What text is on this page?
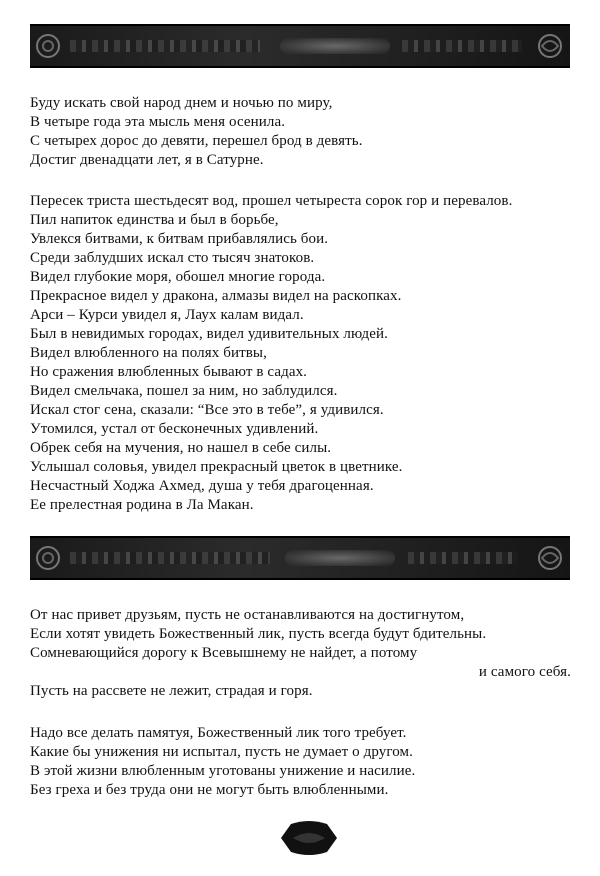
Буду искать свой народ днем и ночью по миру,
В четыре года эта мысль меня осенила.
С четырех дорос до девяти, перешел брод в девять.
Достиг двенадцати лет, я в Сатурне.
Пересек триста шестьдесят вод, прошел четыреста сорок гор и перевалов.
Пил напиток единства и был в борьбе,
Увлекся битвами, к битвам прибавлялись бои.
Среди заблудших искал сто тысяч знатоков.
Видел глубокие моря, обошел многие города.
Прекрасное видел у дракона, алмазы видел на раскопках.
Арси – Курси увидел я, Лаух калам видал.
Был в невидимых городах, видел удивительных людей.
Видел влюбленного на полях битвы,
Но сражения влюбленных бывают в садах.
Видел смельчака, пошел за ним, но заблудился.
Искал стог сена, сказали: “Все это в тебе”, я удивился.
Утомился, устал от бесконечных удивлений.
Обрек себя на мучения, но нашел в себе силы.
Услышал соловья, увидел прекрасный цветок в цветнике.
Несчастный Ходжа Ахмед, душа у тебя драгоценная.
Ее прелестная родина в Ла Макан.
От нас привет друзьям, пусть не останавливаются на достигнутом,
Если хотят увидеть Божественный лик, пусть всегда будут бдительны.
Сомневающийся дорогу к Всевышнему не найдет, а потому
и самого себя.
Пусть на рассвете не лежит, страдая и горя.
Надо все делать памятуя, Божественный лик того требует.
Какие бы унижения ни испытал, пусть не думает о другом.
В этой жизни влюбленным уготованы унижение и насилие.
Без греха и без труда они не могут быть влюбленными.
